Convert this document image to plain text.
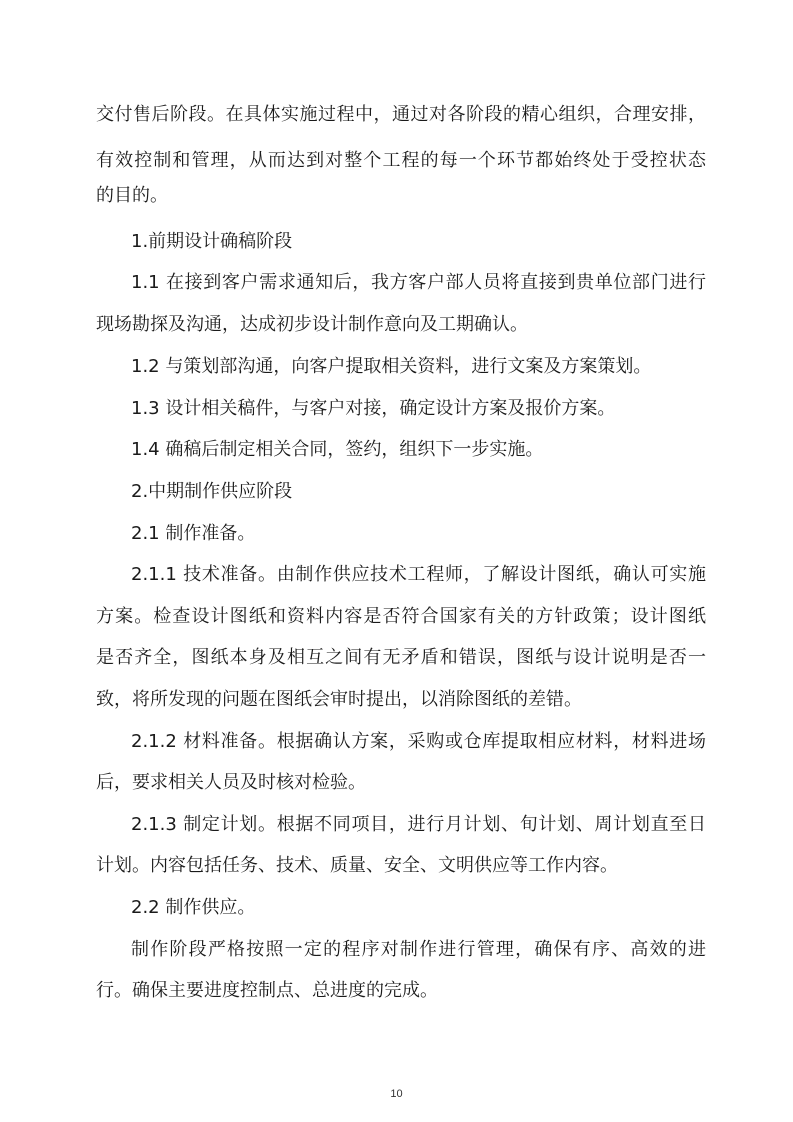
交付售后阶段。在具体实施过程中，通过对各阶段的精心组织，合理安排，

有效控制和管理，从而达到对整个工程的每一个环节都始终处于受控状态

的目的。

1.前期设计确稿阶段

1.1 在接到客户需求通知后，我方客户部人员将直接到贵单位部门进行

现场勘探及沟通，达成初步设计制作意向及工期确认。

1.2 与策划部沟通，向客户提取相关资料，进行文案及方案策划。

1.3 设计相关稿件，与客户对接，确定设计方案及报价方案。

1.4 确稿后制定相关合同，签约，组织下一步实施。

2.中期制作供应阶段

2.1 制作准备。

2.1.1 技术准备。由制作供应技术工程师，了解设计图纸，确认可实施

方案。检查设计图纸和资料内容是否符合国家有关的方针政策；设计图纸

是否齐全，图纸本身及相互之间有无矛盾和错误，图纸与设计说明是否一

致，将所发现的问题在图纸会审时提出，以消除图纸的差错。

2.1.2 材料准备。根据确认方案，采购或仓库提取相应材料，材料进场

后，要求相关人员及时核对检验。

2.1.3 制定计划。根据不同项目，进行月计划、旬计划、周计划直至日

计划。内容包括任务、技术、质量、安全、文明供应等工作内容。

2.2 制作供应。

制作阶段严格按照一定的程序对制作进行管理，确保有序、高效的进

行。确保主要进度控制点、总进度的完成。

10
